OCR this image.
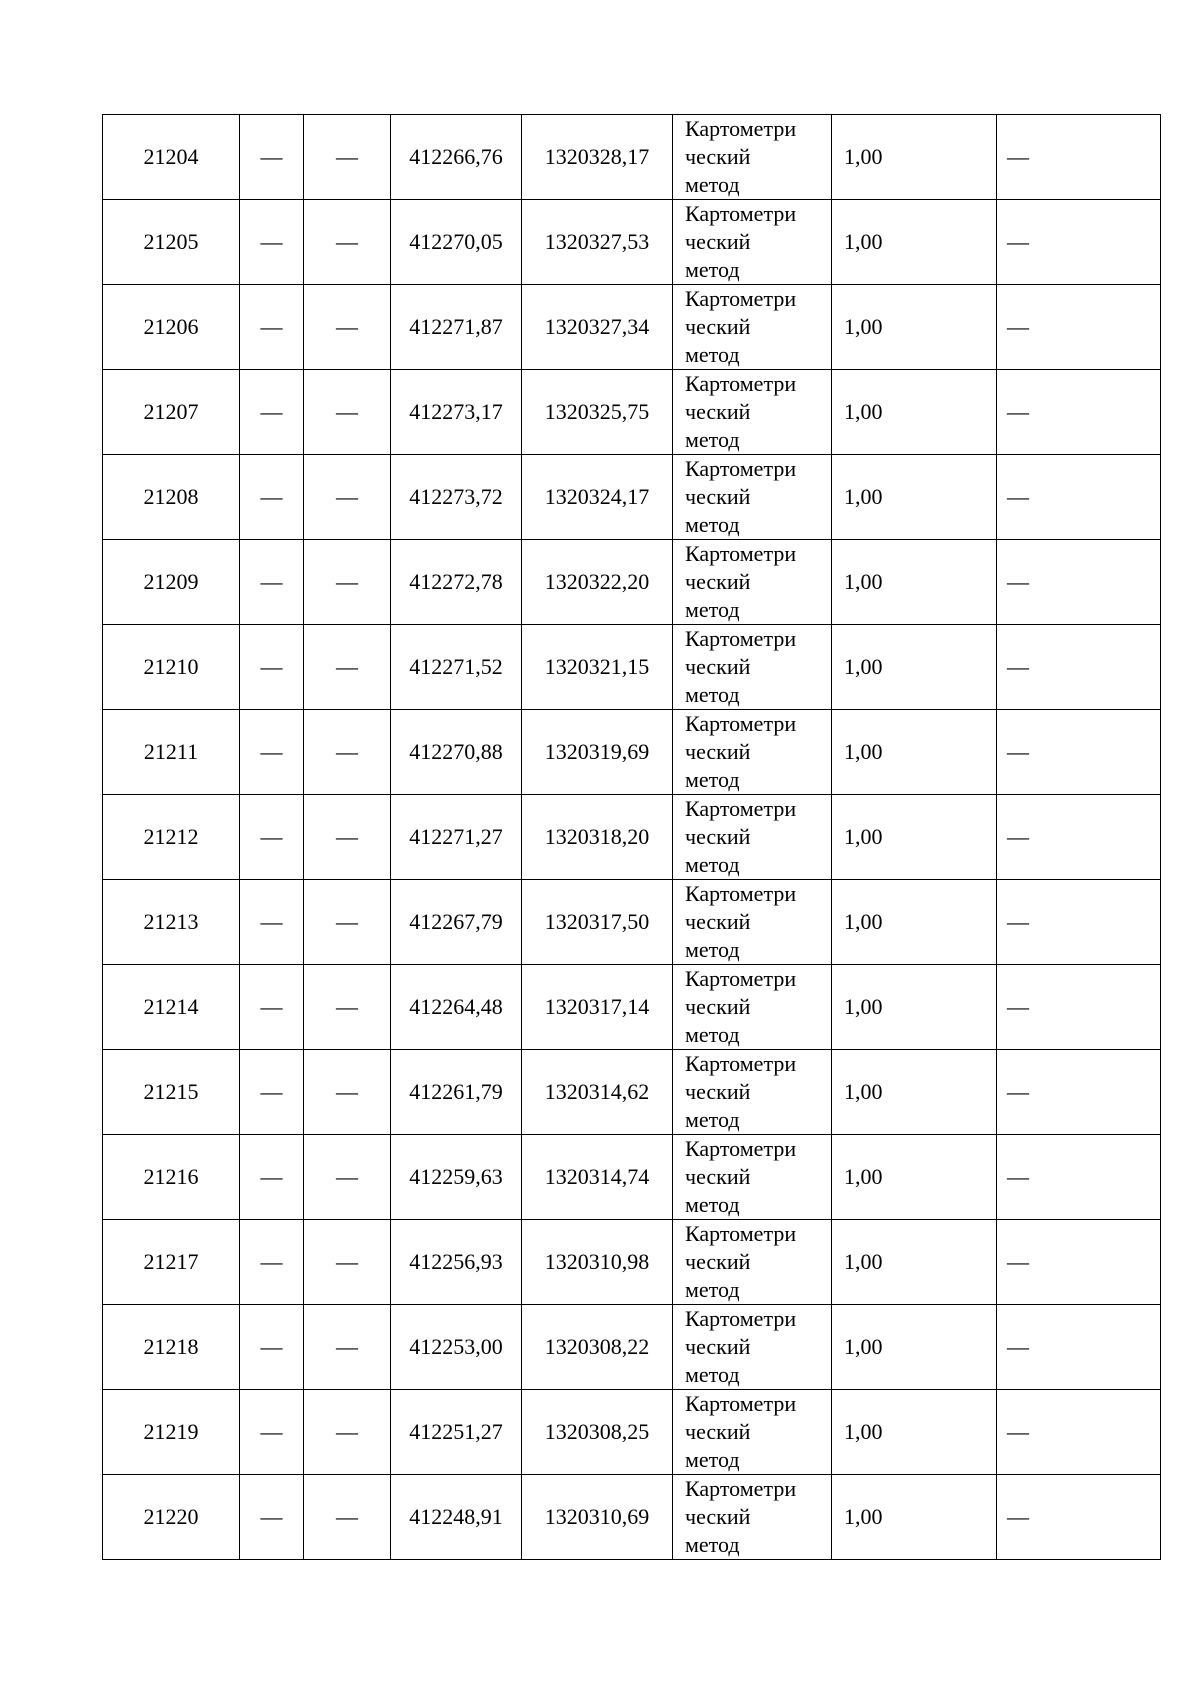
21204	—	—	412266,76	1320328,17	Картометри
ческий
метод	1,00	—
21205	—	—	412270,05	1320327,53	Картометри
ческий
метод	1,00	—
21206	—	—	412271,87	1320327,34	Картометри
ческий
метод	1,00	—
21207	—	—	412273,17	1320325,75	Картометри
ческий
метод	1,00	—
21208	—	—	412273,72	1320324,17	Картометри
ческий
метод	1,00	—
21209	—	—	412272,78	1320322,20	Картометри
ческий
метод	1,00	—
21210	—	—	412271,52	1320321,15	Картометри
ческий
метод	1,00	—
21211	—	—	412270,88	1320319,69	Картометри
ческий
метод	1,00	—
21212	—	—	412271,27	1320318,20	Картометри
ческий
метод	1,00	—
21213	—	—	412267,79	1320317,50	Картометри
ческий
метод	1,00	—
21214	—	—	412264,48	1320317,14	Картометри
ческий
метод	1,00	—
21215	—	—	412261,79	1320314,62	Картометри
ческий
метод	1,00	—
21216	—	—	412259,63	1320314,74	Картометри
ческий
метод	1,00	—
21217	—	—	412256,93	1320310,98	Картометри
ческий
метод	1,00	—
21218	—	—	412253,00	1320308,22	Картометри
ческий
метод	1,00	—
21219	—	—	412251,27	1320308,25	Картометри
ческий
метод	1,00	—
21220	—	—	412248,91	1320310,69	Картометри
ческий
метод	1,00	—
